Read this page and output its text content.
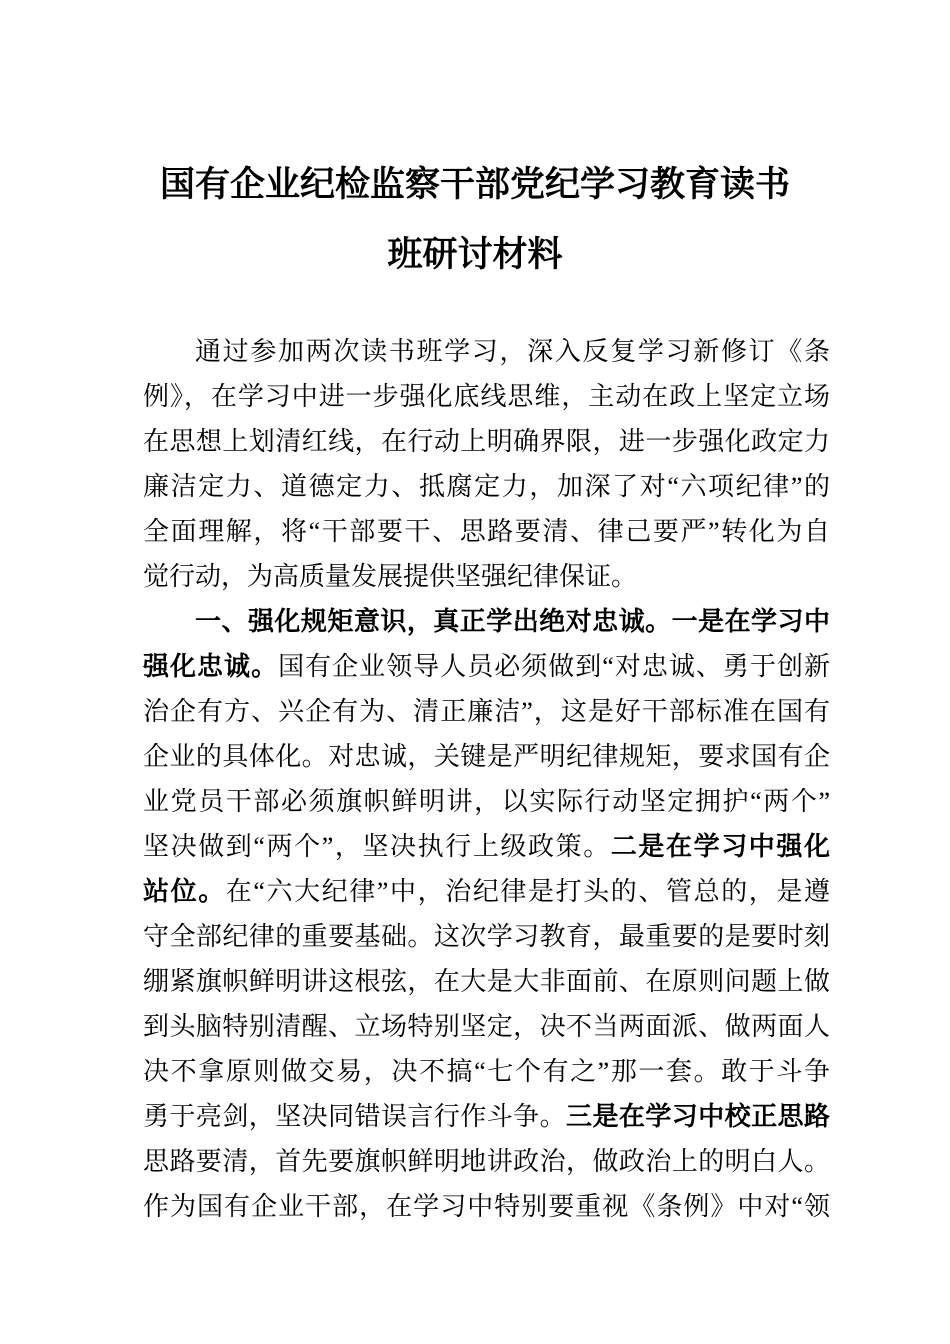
国有企业纪检监察干部党纪学习教育读书
班研讨材料
通过参加两次读书班学习，深入反复学习新修订《条
例》，在学习中进一步强化底线思维，主动在政上坚定立场
在思想上划清红线，在行动上明确界限，进一步强化政定力
廉洁定力、道德定力、抵腐定力，加深了对“六项纪律”的
全面理解，将“干部要干、思路要清、律己要严”转化为自
觉行动，为高质量发展提供坚强纪律保证。
一、强化规矩意识，真正学出绝对忠诚。一是在学习中
强化忠诚。国有企业领导人员必须做到“对忠诚、勇于创新
治企有方、兴企有为、清正廉洁”，这是好干部标准在国有
企业的具体化。对忠诚，关键是严明纪律规矩，要求国有企
业党员干部必须旗帜鲜明讲，以实际行动坚定拥护“两个”
坚决做到“两个”，坚决执行上级政策。二是在学习中强化
站位。在“六大纪律”中，治纪律是打头的、管总的，是遵
守全部纪律的重要基础。这次学习教育，最重要的是要时刻
绷紧旗帜鲜明讲这根弦，在大是大非面前、在原则问题上做
到头脑特别清醒、立场特别坚定，决不当两面派、做两面人
决不拿原则做交易，决不搞“七个有之”那一套。敢于斗争
勇于亮剑，坚决同错误言行作斗争。三是在学习中校正思路
思路要清，首先要旗帜鲜明地讲政治，做政治上的明白人。
作为国有企业干部，在学习中特别要重视《条例》中对“领
